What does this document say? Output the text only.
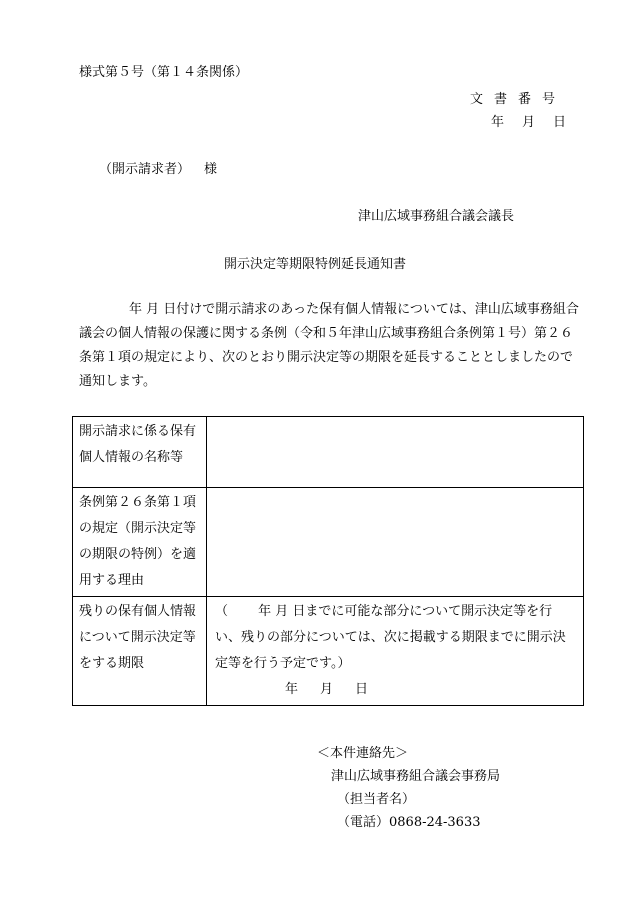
様式第５号（第１４条関係）
文書番号
年 月 日
（開示請求者） 様
津山広域事務組合議会議長
開示決定等期限特例延長通知書
年 月 日付けで開示請求のあった保有個人情報については、津山広域事務組合議会の個人情報の保護に関する条例（令和５年津山広域事務組合条例第１号）第２６条第１項の規定により、次のとおり開示決定等の期限を延長することとしましたので通知します。
開示請求に係る保有個人情報の名称等	
条例第２６条第１項の規定（開示決定等の期限の特例）を適用する理由	
残りの保有個人情報について開示決定等をする期限	（　　 年 月 日までに可能な部分について開示決定等を行い、残りの部分については、次に掲載する期限までに開示決定等を行う予定です。）
年 月 日
＜本件連絡先＞
津山広域事務組合議会事務局
（担当者名）
（電話）0868-24-3633
